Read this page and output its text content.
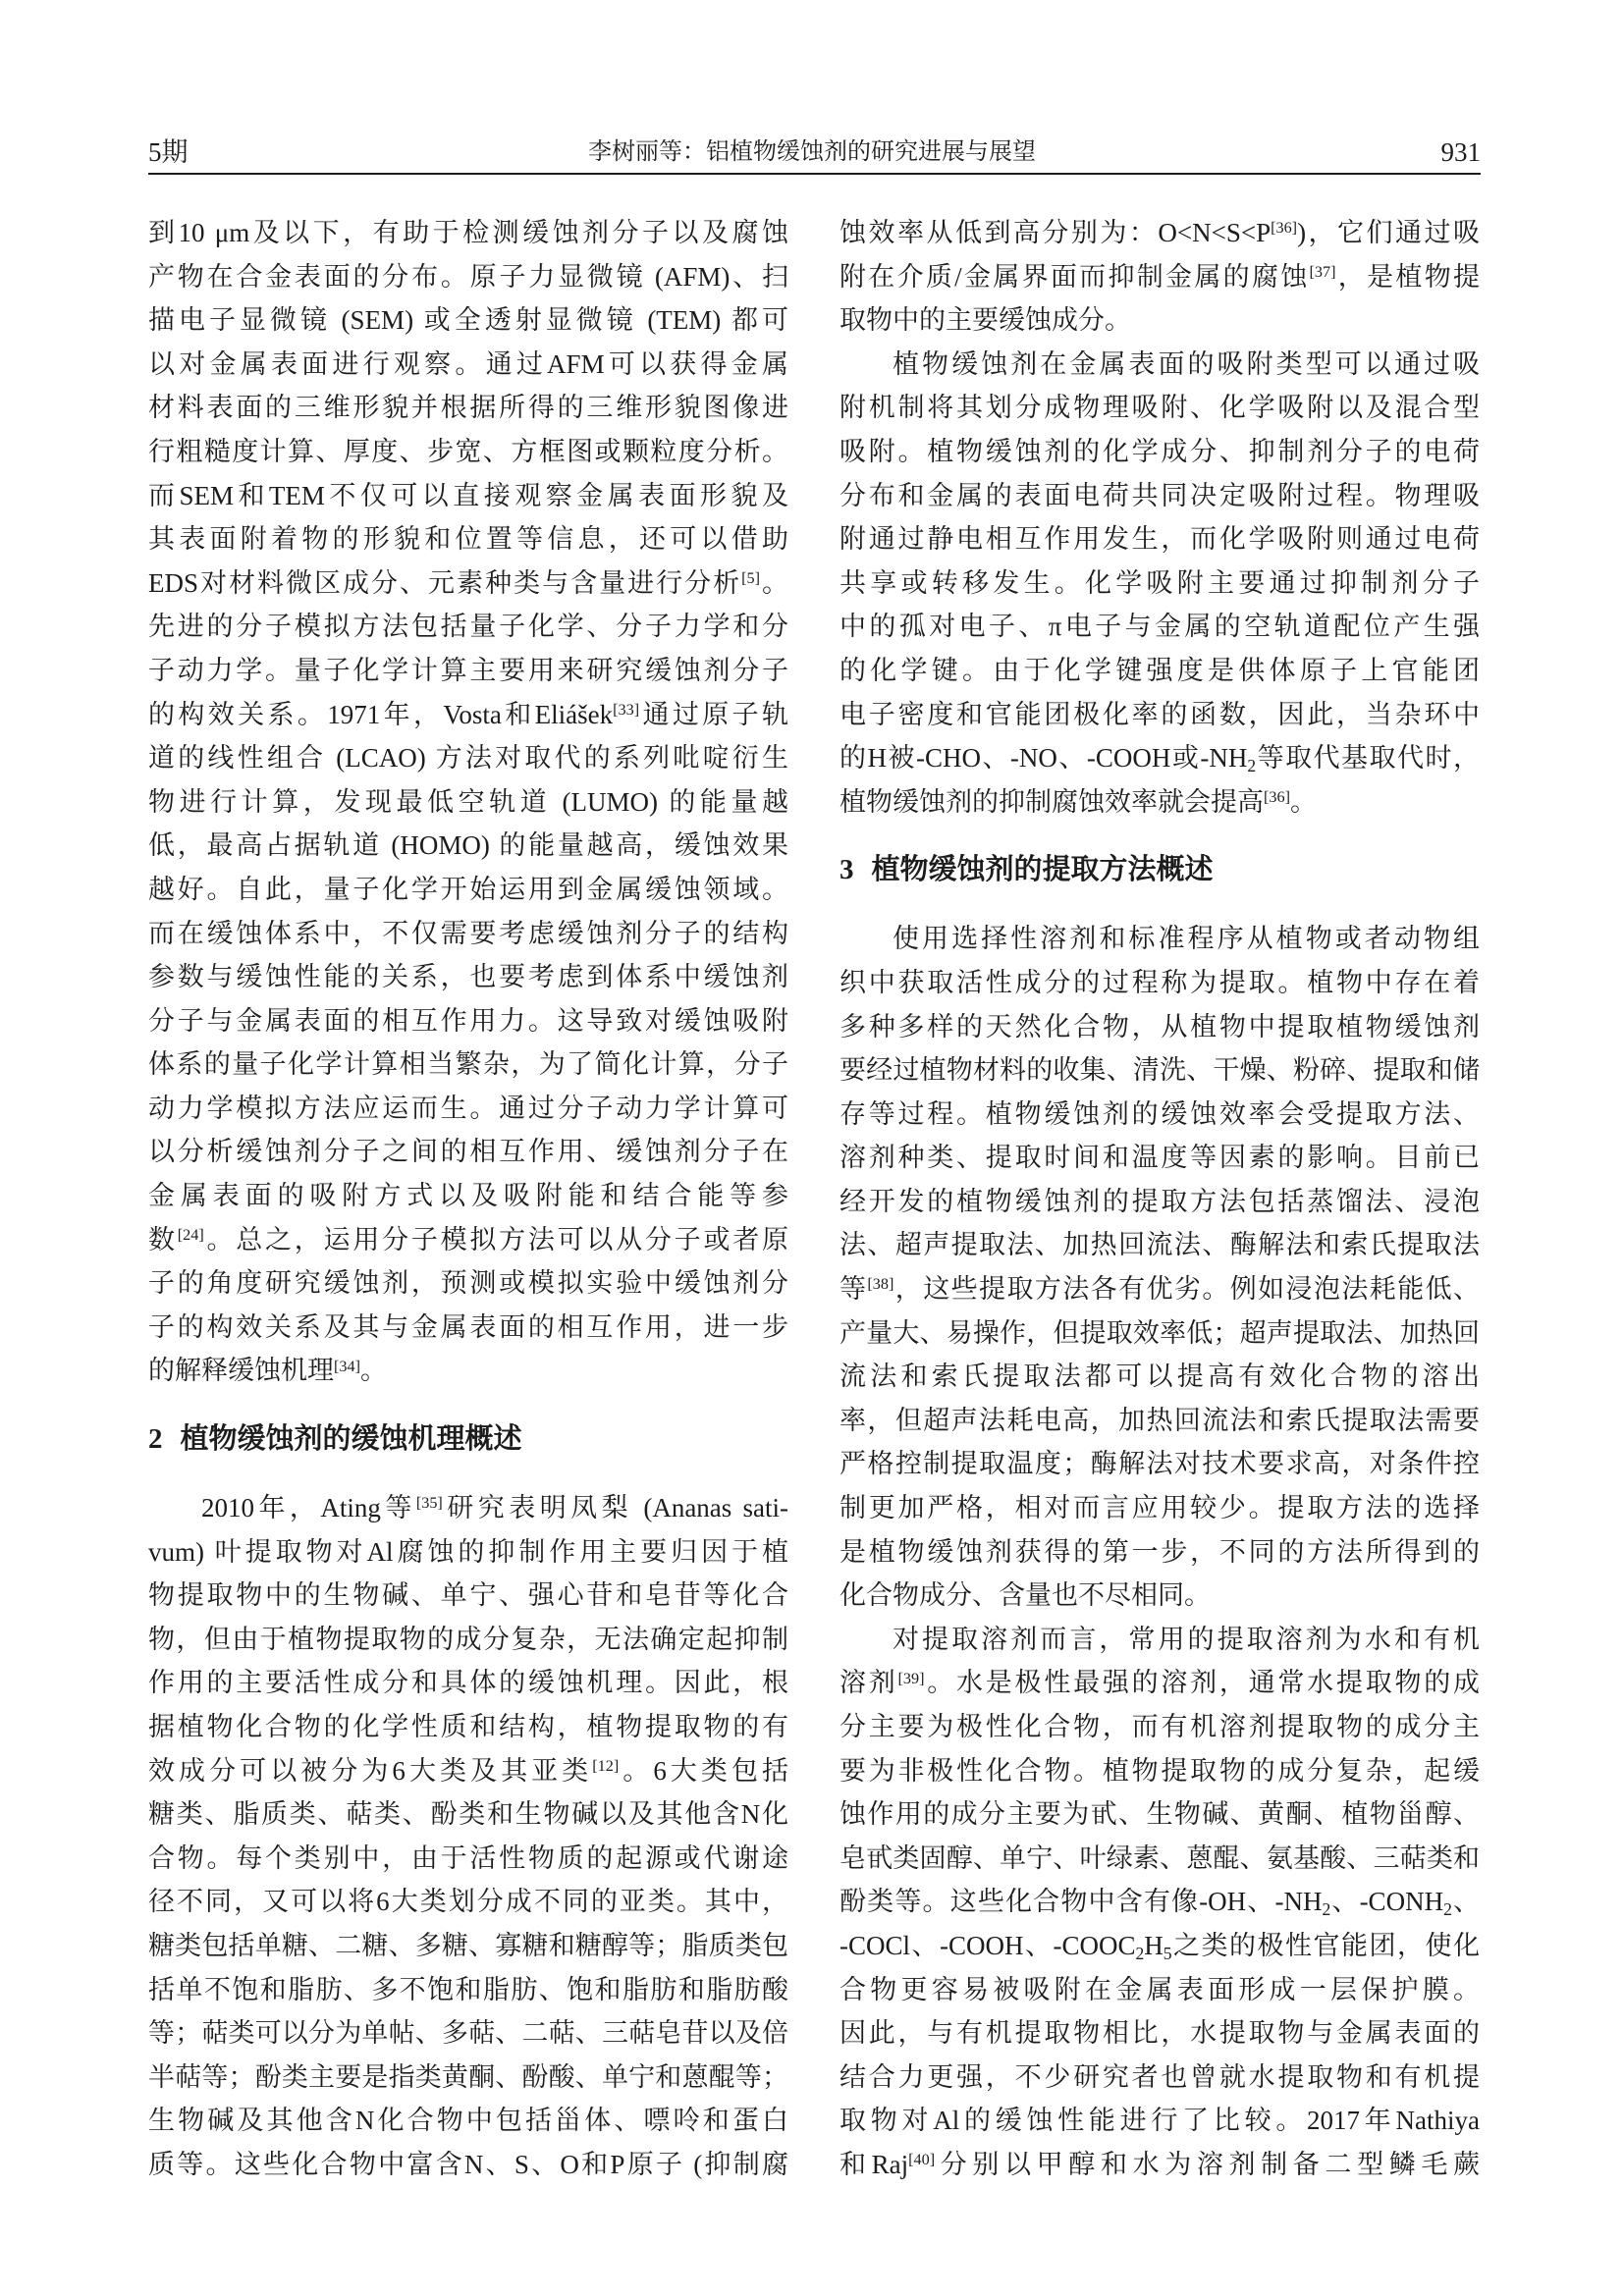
5期	李树丽等：铝植物缓蚀剂的研究进展与展望	931
到10 μm及以下，有助于检测缓蚀剂分子以及腐蚀
产物在合金表面的分布。原子力显微镜 (AFM)、扫
描电子显微镜 (SEM) 或全透射显微镜 (TEM) 都可
以对金属表面进行观察。通过AFM可以获得金属
材料表面的三维形貌并根据所得的三维形貌图像进
行粗糙度计算、厚度、步宽、方框图或颗粒度分析。
而SEM和TEM不仅可以直接观察金属表面形貌及
其表面附着物的形貌和位置等信息，还可以借助
EDS对材料微区成分、元素种类与含量进行分析[5]。
先进的分子模拟方法包括量子化学、分子力学和分
子动力学。量子化学计算主要用来研究缓蚀剂分子
的构效关系。1971年，Vosta和Eliášek[33]通过原子轨
道的线性组合 (LCAO) 方法对取代的系列吡啶衍生
物进行计算，发现最低空轨道 (LUMO) 的能量越
低，最高占据轨道 (HOMO) 的能量越高，缓蚀效果
越好。自此，量子化学开始运用到金属缓蚀领域。
而在缓蚀体系中，不仅需要考虑缓蚀剂分子的结构
参数与缓蚀性能的关系，也要考虑到体系中缓蚀剂
分子与金属表面的相互作用力。这导致对缓蚀吸附
体系的量子化学计算相当繁杂，为了简化计算，分子
动力学模拟方法应运而生。通过分子动力学计算可
以分析缓蚀剂分子之间的相互作用、缓蚀剂分子在
金属表面的吸附方式以及吸附能和结合能等参
数[24]。总之，运用分子模拟方法可以从分子或者原
子的角度研究缓蚀剂，预测或模拟实验中缓蚀剂分
子的构效关系及其与金属表面的相互作用，进一步
的解释缓蚀机理[34]。
2 植物缓蚀剂的缓蚀机理概述
2010年，Ating等[35]研究表明凤梨 (Ananas sati-
vum) 叶提取物对Al腐蚀的抑制作用主要归因于植
物提取物中的生物碱、单宁、强心苷和皂苷等化合
物，但由于植物提取物的成分复杂，无法确定起抑制
作用的主要活性成分和具体的缓蚀机理。因此，根
据植物化合物的化学性质和结构，植物提取物的有
效成分可以被分为6大类及其亚类[12]。6大类包括
糖类、脂质类、萜类、酚类和生物碱以及其他含N化
合物。每个类别中，由于活性物质的起源或代谢途
径不同，又可以将6大类划分成不同的亚类。其中，
糖类包括单糖、二糖、多糖、寡糖和糖醇等；脂质类包
括单不饱和脂肪、多不饱和脂肪、饱和脂肪和脂肪酸
等；萜类可以分为单帖、多萜、二萜、三萜皂苷以及倍
半萜等；酚类主要是指类黄酮、酚酸、单宁和蒽醌等；
生物碱及其他含N化合物中包括甾体、嘌呤和蛋白
质等。这些化合物中富含N、S、O和P原子 (抑制腐
蚀效率从低到高分别为：O<N<S<P[36])，它们通过吸
附在介质/金属界面而抑制金属的腐蚀[37]，是植物提
取物中的主要缓蚀成分。
植物缓蚀剂在金属表面的吸附类型可以通过吸
附机制将其划分成物理吸附、化学吸附以及混合型
吸附。植物缓蚀剂的化学成分、抑制剂分子的电荷
分布和金属的表面电荷共同决定吸附过程。物理吸
附通过静电相互作用发生，而化学吸附则通过电荷
共享或转移发生。化学吸附主要通过抑制剂分子
中的孤对电子、π电子与金属的空轨道配位产生强
的化学键。由于化学键强度是供体原子上官能团
电子密度和官能团极化率的函数，因此，当杂环中
的H被-CHO、-NO、-COOH或-NH2等取代基取代时，
植物缓蚀剂的抑制腐蚀效率就会提高[36]。
3 植物缓蚀剂的提取方法概述
使用选择性溶剂和标准程序从植物或者动物组
织中获取活性成分的过程称为提取。植物中存在着
多种多样的天然化合物，从植物中提取植物缓蚀剂
要经过植物材料的收集、清洗、干燥、粉碎、提取和储
存等过程。植物缓蚀剂的缓蚀效率会受提取方法、
溶剂种类、提取时间和温度等因素的影响。目前已
经开发的植物缓蚀剂的提取方法包括蒸馏法、浸泡
法、超声提取法、加热回流法、酶解法和索氏提取法
等[38]，这些提取方法各有优劣。例如浸泡法耗能低、
产量大、易操作，但提取效率低；超声提取法、加热回
流法和索氏提取法都可以提高有效化合物的溶出
率，但超声法耗电高，加热回流法和索氏提取法需要
严格控制提取温度；酶解法对技术要求高，对条件控
制更加严格，相对而言应用较少。提取方法的选择
是植物缓蚀剂获得的第一步，不同的方法所得到的
化合物成分、含量也不尽相同。
对提取溶剂而言，常用的提取溶剂为水和有机
溶剂[39]。水是极性最强的溶剂，通常水提取物的成
分主要为极性化合物，而有机溶剂提取物的成分主
要为非极性化合物。植物提取物的成分复杂，起缓
蚀作用的成分主要为甙、生物碱、黄酮、植物甾醇、
皂甙类固醇、单宁、叶绿素、蒽醌、氨基酸、三萜类和
酚类等。这些化合物中含有像-OH、-NH2、-CONH2、
-COCl、-COOH、-COOC2H5之类的极性官能团，使化
合物更容易被吸附在金属表面形成一层保护膜。
因此，与有机提取物相比，水提取物与金属表面的
结合力更强，不少研究者也曾就水提取物和有机提
取物对Al的缓蚀性能进行了比较。2017年Nathiya
和Raj[40]分别以甲醇和水为溶剂制备二型鳞毛蕨
